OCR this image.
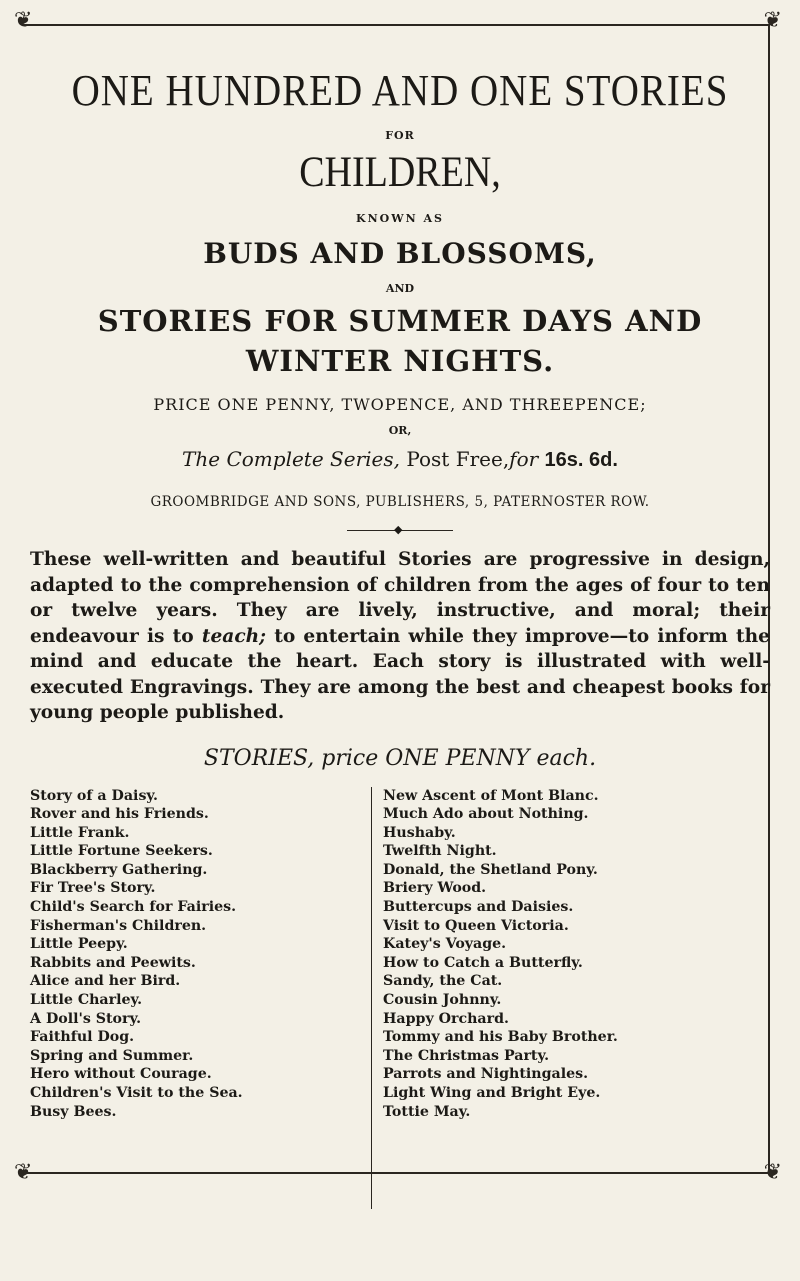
❦	❦
❦	❦
ONE HUNDRED AND ONE STORIES
FOR
CHILDREN,
KNOWN AS
BUDS AND BLOSSOMS,
AND
STORIES FOR SUMMER DAYS AND
WINTER NIGHTS.
PRICE ONE PENNY, TWOPENCE, AND THREEPENCE;
OR,
The Complete Series, Post Free,for 16s. 6d.
GROOMBRIDGE AND SONS, PUBLISHERS, 5, PATERNOSTER ROW.
◆

These well-written and beautiful Stories are progressive in design, adapted to the comprehension of children from the ages of four to ten or twelve years. They are lively, instructive, and moral; their endeavour is to teach; to entertain while they improve—to inform the mind and educate the heart. Each story is illustrated with well-executed Engravings. They are among the best and cheapest books for young people published.

STORIES, price ONE PENNY each.
Story of a Daisy.
Rover and his Friends.
Little Frank.
Little Fortune Seekers.
Blackberry Gathering.
Fir Tree's Story.
Child's Search for Fairies.
Fisherman's Children.
Little Peepy.
Rabbits and Peewits.
Alice and her Bird.
Little Charley.
A Doll's Story.
Faithful Dog.
Spring and Summer.
Hero without Courage.
Children's Visit to the Sea.
Busy Bees.
New Ascent of Mont Blanc.
Much Ado about Nothing.
Hushaby.
Twelfth Night.
Donald, the Shetland Pony.
Briery Wood.
Buttercups and Daisies.
Visit to Queen Victoria.
Katey's Voyage.
How to Catch a Butterfly.
Sandy, the Cat.
Cousin Johnny.
Happy Orchard.
Tommy and his Baby Brother.
The Christmas Party.
Parrots and Nightingales.
Light Wing and Bright Eye.
Tottie May.
